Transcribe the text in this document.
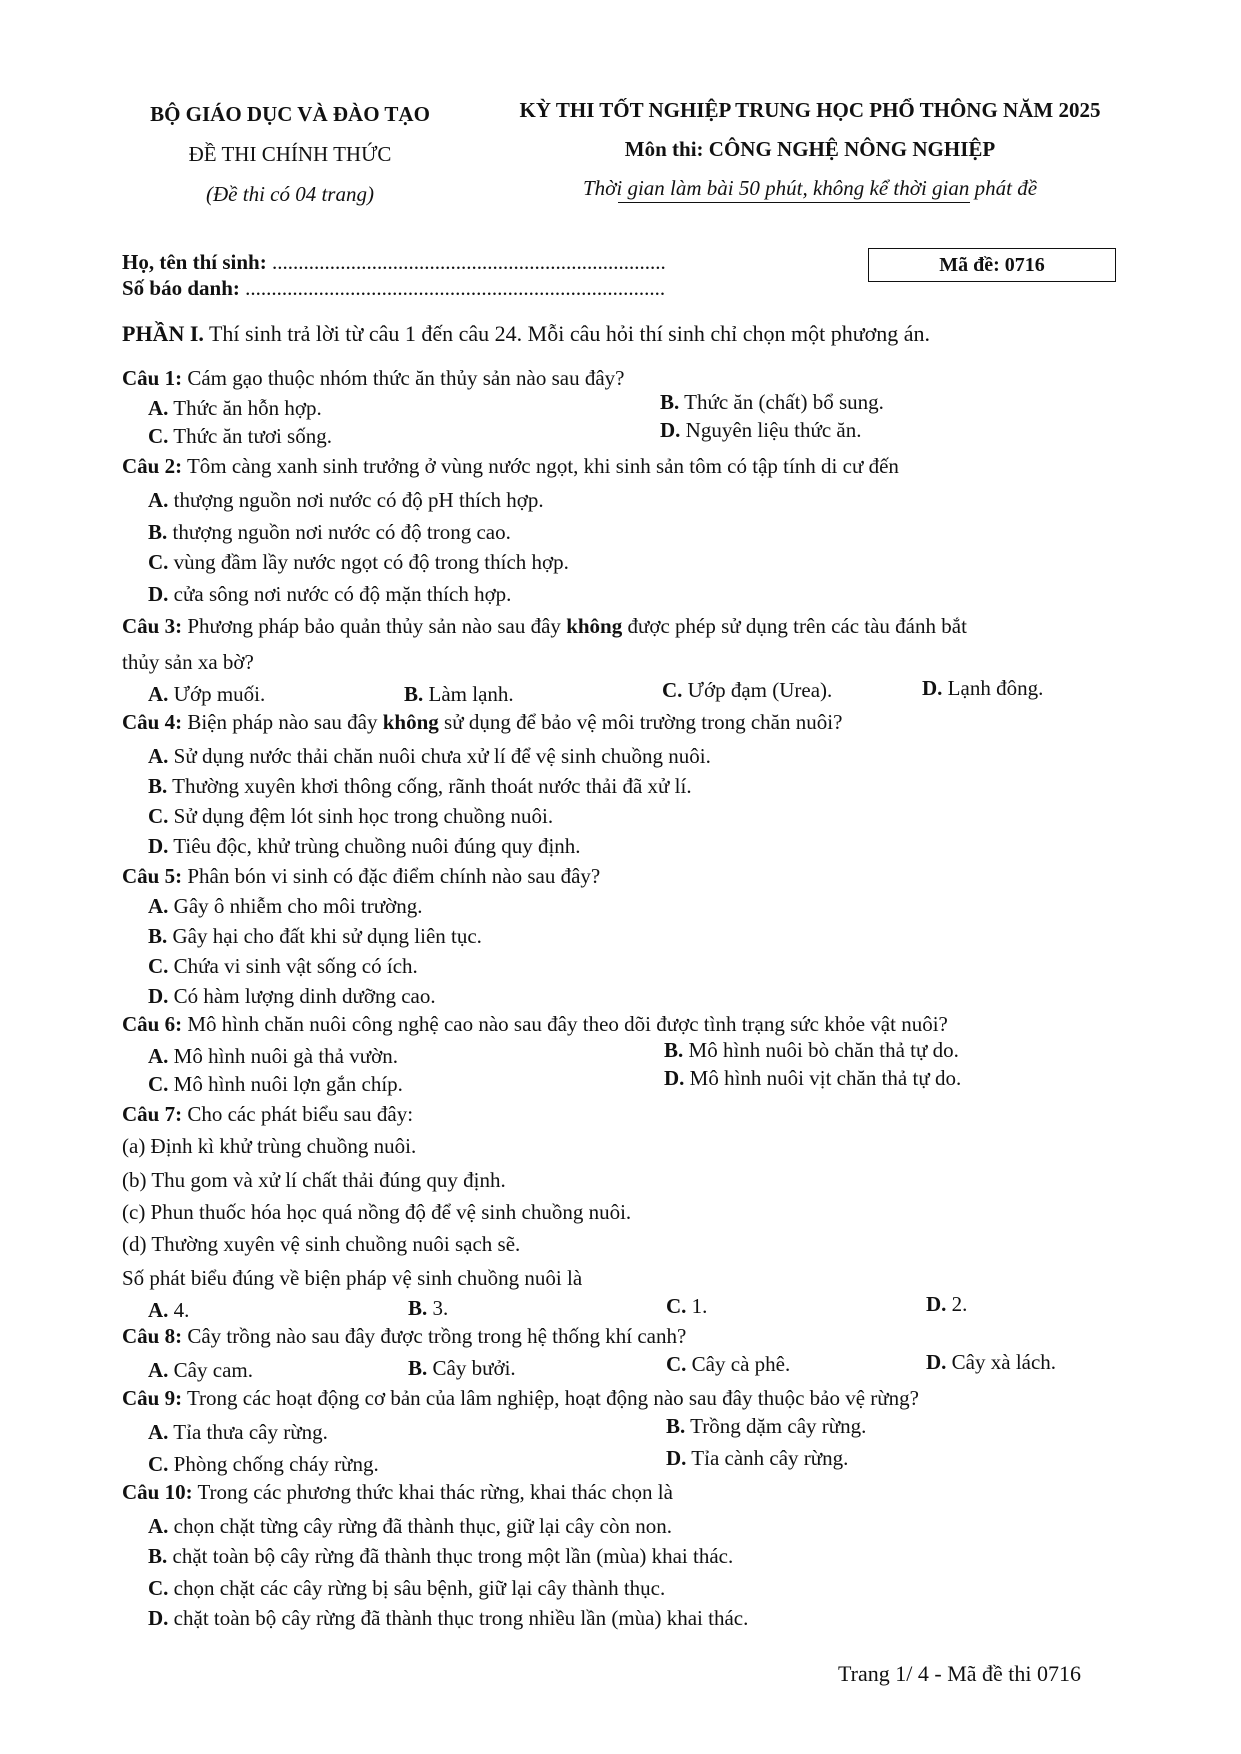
BỘ GIÁO DỤC VÀ ĐÀO TẠO
ĐỀ THI CHÍNH THỨC
(Đề thi có 04 trang)
KỲ THI TỐT NGHIỆP TRUNG HỌC PHỔ THÔNG NĂM 2025
Môn thi: CÔNG NGHỆ NÔNG NGHIỆP
Thời gian làm bài 50 phút, không kể thời gian phát đề
Họ, tên thí sinh: ...........................................................................
Số báo danh: ................................................................................
Mã đề: 0716
PHẦN I. Thí sinh trả lời từ câu 1 đến câu 24. Mỗi câu hỏi thí sinh chỉ chọn một phương án.
Câu 1: Cám gạo thuộc nhóm thức ăn thủy sản nào sau đây?
A. Thức ăn hỗn hợp.	B. Thức ăn (chất) bổ sung.
C. Thức ăn tươi sống.	D. Nguyên liệu thức ăn.
Câu 2: Tôm càng xanh sinh trưởng ở vùng nước ngọt, khi sinh sản tôm có tập tính di cư đến
A. thượng nguồn nơi nước có độ pH thích hợp.
B. thượng nguồn nơi nước có độ trong cao.
C. vùng đầm lầy nước ngọt có độ trong thích hợp.
D. cửa sông nơi nước có độ mặn thích hợp.
Câu 3: Phương pháp bảo quản thủy sản nào sau đây không được phép sử dụng trên các tàu đánh bắt
thủy sản xa bờ?
A. Ướp muối.	B. Làm lạnh.	C. Ướp đạm (Urea).	D. Lạnh đông.
Câu 4: Biện pháp nào sau đây không sử dụng để bảo vệ môi trường trong chăn nuôi?
A. Sử dụng nước thải chăn nuôi chưa xử lí để vệ sinh chuồng nuôi.
B. Thường xuyên khơi thông cống, rãnh thoát nước thải đã xử lí.
C. Sử dụng đệm lót sinh học trong chuồng nuôi.
D. Tiêu độc, khử trùng chuồng nuôi đúng quy định.
Câu 5: Phân bón vi sinh có đặc điểm chính nào sau đây?
A. Gây ô nhiễm cho môi trường.
B. Gây hại cho đất khi sử dụng liên tục.
C. Chứa vi sinh vật sống có ích.
D. Có hàm lượng dinh dưỡng cao.
Câu 6: Mô hình chăn nuôi công nghệ cao nào sau đây theo dõi được tình trạng sức khỏe vật nuôi?
A. Mô hình nuôi gà thả vườn.	B. Mô hình nuôi bò chăn thả tự do.
C. Mô hình nuôi lợn gắn chíp.	D. Mô hình nuôi vịt chăn thả tự do.
Câu 7: Cho các phát biểu sau đây:
(a) Định kì khử trùng chuồng nuôi.
(b) Thu gom và xử lí chất thải đúng quy định.
(c) Phun thuốc hóa học quá nồng độ để vệ sinh chuồng nuôi.
(d) Thường xuyên vệ sinh chuồng nuôi sạch sẽ.
Số phát biểu đúng về biện pháp vệ sinh chuồng nuôi là
A. 4.	B. 3.	C. 1.	D. 2.
Câu 8: Cây trồng nào sau đây được trồng trong hệ thống khí canh?
A. Cây cam.	B. Cây bưởi.	C. Cây cà phê.	D. Cây xà lách.
Câu 9: Trong các hoạt động cơ bản của lâm nghiệp, hoạt động nào sau đây thuộc bảo vệ rừng?
A. Tỉa thưa cây rừng.	B. Trồng dặm cây rừng.
C. Phòng chống cháy rừng.	D. Tỉa cành cây rừng.
Câu 10: Trong các phương thức khai thác rừng, khai thác chọn là
A. chọn chặt từng cây rừng đã thành thục, giữ lại cây còn non.
B. chặt toàn bộ cây rừng đã thành thục trong một lần (mùa) khai thác.
C. chọn chặt các cây rừng bị sâu bệnh, giữ lại cây thành thục.
D. chặt toàn bộ cây rừng đã thành thục trong nhiều lần (mùa) khai thác.
Trang 1/ 4 - Mã đề thi 0716
